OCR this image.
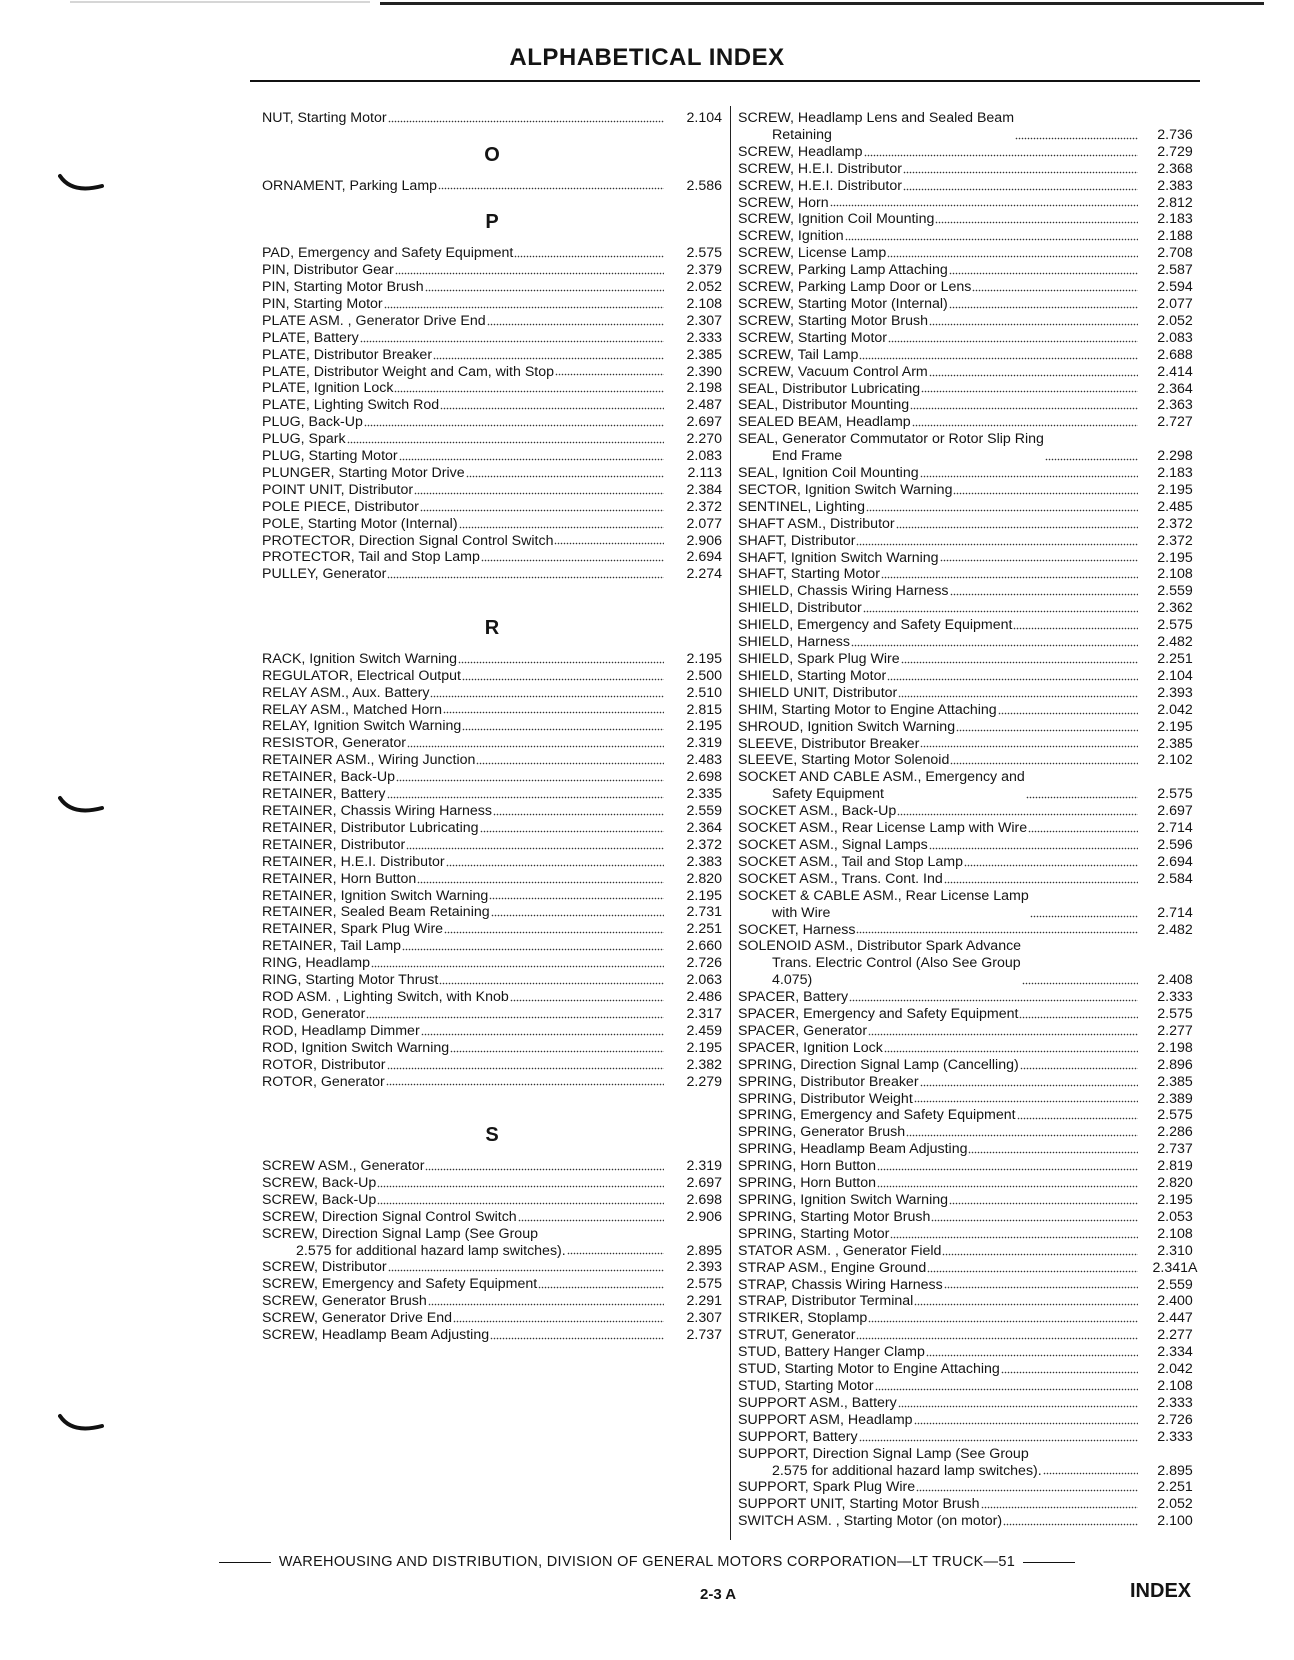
ALPHABETICAL INDEX
NUT, Starting Motor	2.104
O
ORNAMENT, Parking Lamp	2.586
P
PAD, Emergency and Safety Equipment	2.575
PIN, Distributor Gear	2.379
PIN, Starting Motor Brush	2.052
PIN, Starting Motor	2.108
PLATE ASM. , Generator Drive End	2.307
PLATE, Battery	2.333
PLATE, Distributor Breaker	2.385
PLATE, Distributor Weight and Cam, with Stop	2.390
PLATE, Ignition Lock	2.198
PLATE, Lighting Switch Rod	2.487
PLUG, Back-Up	2.697
PLUG, Spark	2.270
PLUG, Starting Motor	2.083
PLUNGER, Starting Motor Drive	2.113
POINT UNIT, Distributor	2.384
POLE PIECE, Distributor	2.372
POLE, Starting Motor (Internal)	2.077
PROTECTOR, Direction Signal Control Switch	2.906
PROTECTOR, Tail and Stop Lamp	2.694
PULLEY, Generator	2.274
R
RACK, Ignition Switch Warning	2.195
REGULATOR, Electrical Output	2.500
RELAY ASM., Aux. Battery	2.510
RELAY ASM., Matched Horn	2.815
RELAY, Ignition Switch Warning	2.195
RESISTOR, Generator	2.319
RETAINER ASM., Wiring Junction	2.483
RETAINER, Back-Up	2.698
RETAINER, Battery	2.335
RETAINER, Chassis Wiring Harness	2.559
RETAINER, Distributor Lubricating	2.364
RETAINER, Distributor	2.372
RETAINER, H.E.I. Distributor	2.383
RETAINER, Horn Button	2.820
RETAINER, Ignition Switch Warning	2.195
RETAINER, Sealed Beam Retaining	2.731
RETAINER, Spark Plug Wire	2.251
RETAINER, Tail Lamp	2.660
RING, Headlamp	2.726
RING, Starting Motor Thrust	2.063
ROD ASM. , Lighting Switch, with Knob	2.486
ROD, Generator	2.317
ROD, Headlamp Dimmer	2.459
ROD, Ignition Switch Warning	2.195
ROTOR, Distributor	2.382
ROTOR, Generator	2.279
S
SCREW ASM., Generator	2.319
SCREW, Back-Up	2.697
SCREW, Back-Up	2.698
SCREW, Direction Signal Control Switch	2.906
SCREW, Direction Signal Lamp (See Group
2.575 for additional hazard lamp switches).	2.895
SCREW, Distributor	2.393
SCREW, Emergency and Safety Equipment	2.575
SCREW, Generator Brush	2.291
SCREW, Generator Drive End	2.307
SCREW, Headlamp Beam Adjusting	2.737
SCREW, Headlamp Lens and Sealed Beam
Retaining	2.736
SCREW, Headlamp	2.729
SCREW, H.E.I. Distributor	2.368
SCREW, H.E.I. Distributor	2.383
SCREW, Horn	2.812
SCREW, Ignition Coil Mounting	2.183
SCREW, Ignition	2.188
SCREW, License Lamp	2.708
SCREW, Parking Lamp Attaching	2.587
SCREW, Parking Lamp Door or Lens	2.594
SCREW, Starting Motor (Internal)	2.077
SCREW, Starting Motor Brush	2.052
SCREW, Starting Motor	2.083
SCREW, Tail Lamp	2.688
SCREW, Vacuum Control Arm	2.414
SEAL, Distributor Lubricating	2.364
SEAL, Distributor Mounting	2.363
SEALED BEAM, Headlamp	2.727
SEAL, Generator Commutator or Rotor Slip Ring
End Frame	2.298
SEAL, Ignition Coil Mounting	2.183
SECTOR, Ignition Switch Warning	2.195
SENTINEL, Lighting	2.485
SHAFT ASM., Distributor	2.372
SHAFT, Distributor	2.372
SHAFT, Ignition Switch Warning	2.195
SHAFT, Starting Motor	2.108
SHIELD, Chassis Wiring Harness	2.559
SHIELD, Distributor	2.362
SHIELD, Emergency and Safety Equipment	2.575
SHIELD, Harness	2.482
SHIELD, Spark Plug Wire	2.251
SHIELD, Starting Motor	2.104
SHIELD UNIT, Distributor	2.393
SHIM, Starting Motor to Engine Attaching	2.042
SHROUD, Ignition Switch Warning	2.195
SLEEVE, Distributor Breaker	2.385
SLEEVE, Starting Motor Solenoid	2.102
SOCKET AND CABLE ASM., Emergency and
Safety Equipment	2.575
SOCKET ASM., Back-Up	2.697
SOCKET ASM., Rear License Lamp with Wire	2.714
SOCKET ASM., Signal Lamps	2.596
SOCKET ASM., Tail and Stop Lamp	2.694
SOCKET ASM., Trans. Cont. Ind	2.584
SOCKET & CABLE ASM., Rear License Lamp
with Wire	2.714
SOCKET, Harness	2.482
SOLENOID ASM., Distributor Spark Advance
Trans. Electric Control (Also See Group
4.075)	2.408
SPACER, Battery	2.333
SPACER, Emergency and Safety Equipment	2.575
SPACER, Generator	2.277
SPACER, Ignition Lock	2.198
SPRING, Direction Signal Lamp (Cancelling)	2.896
SPRING, Distributor Breaker	2.385
SPRING, Distributor Weight	2.389
SPRING, Emergency and Safety Equipment	2.575
SPRING, Generator Brush	2.286
SPRING, Headlamp Beam Adjusting	2.737
SPRING, Horn Button	2.819
SPRING, Horn Button	2.820
SPRING, Ignition Switch Warning	2.195
SPRING, Starting Motor Brush	2.053
SPRING, Starting Motor	2.108
STATOR ASM. , Generator Field	2.310
STRAP ASM., Engine Ground	2.341A
STRAP, Chassis Wiring Harness	2.559
STRAP, Distributor Terminal	2.400
STRIKER, Stoplamp	2.447
STRUT, Generator	2.277
STUD, Battery Hanger Clamp	2.334
STUD, Starting Motor to Engine Attaching	2.042
STUD, Starting Motor	2.108
SUPPORT ASM., Battery	2.333
SUPPORT ASM, Headlamp	2.726
SUPPORT, Battery	2.333
SUPPORT, Direction Signal Lamp (See Group
2.575 for additional hazard lamp switches).	2.895
SUPPORT, Spark Plug Wire	2.251
SUPPORT UNIT, Starting Motor Brush	2.052
SWITCH ASM. , Starting Motor (on motor)	2.100
WAREHOUSING AND DISTRIBUTION, DIVISION OF GENERAL MOTORS CORPORATION—LT TRUCK—51
2-3 A	INDEX
